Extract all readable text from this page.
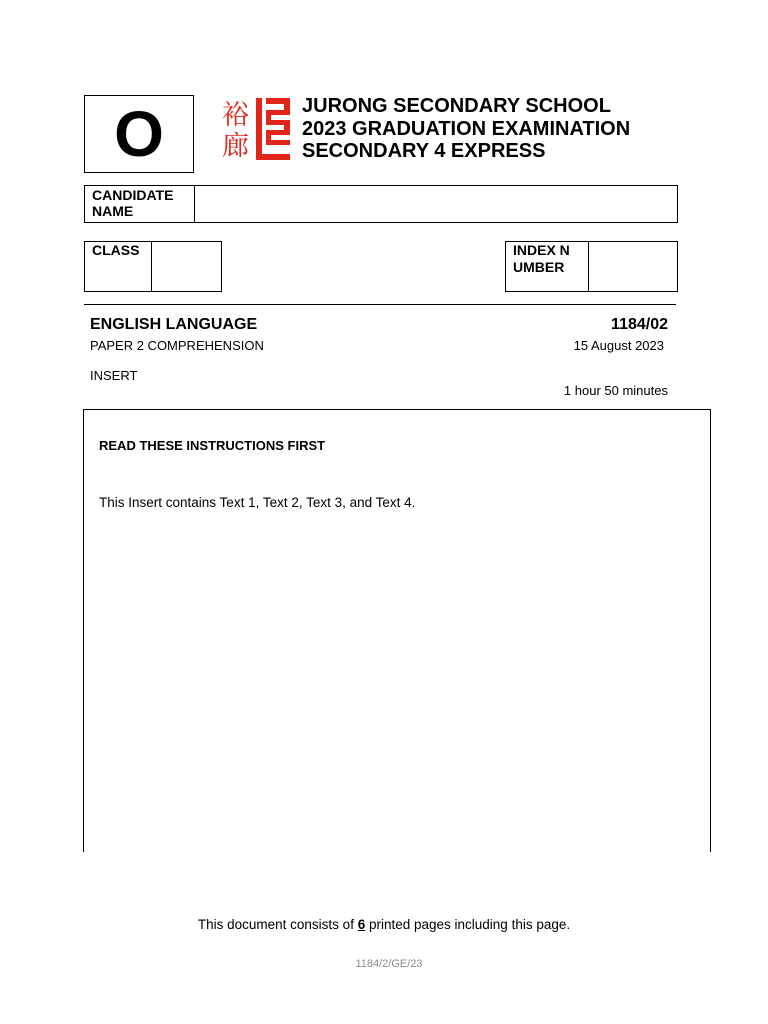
O	裕
廊
JURONG SECONDARY SCHOOL
2023 GRADUATION EXAMINATION
SECONDARY 4 EXPRESS
CANDIDATE NAME
CLASS	INDEX NUMBER
ENGLISH LANGUAGE	1184/02
PAPER 2 COMPREHENSION	15 August 2023
INSERT
1 hour 50 minutes
READ THESE INSTRUCTIONS FIRST
This Insert contains Text 1, Text 2, Text 3, and Text 4.
This document consists of 6 printed pages including this page.
1184/2/GE/23
